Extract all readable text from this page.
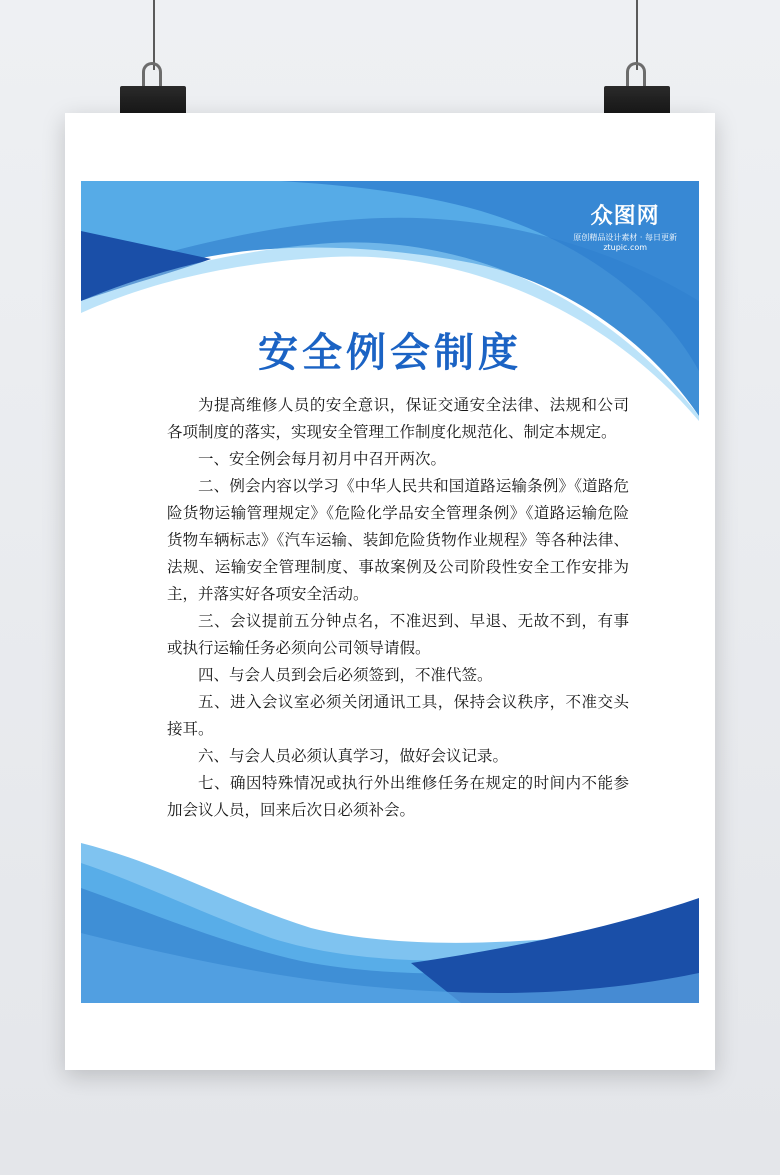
众图网
原创精品设计素材 · 每日更新
ztupic.com
安全例会制度

为提高维修人员的安全意识，保证交通安全法律、法规和公司各项制度的落实，实现安全管理工作制度化规范化、制定本规定。

一、安全例会每月初月中召开两次。

二、例会内容以学习《中华人民共和国道路运输条例》《道路危险货物运输管理规定》《危险化学品安全管理条例》《道路运输危险货物车辆标志》《汽车运输、装卸危险货物作业规程》等各种法律、法规、运输安全管理制度、事故案例及公司阶段性安全工作安排为主，并落实好各项安全活动。

三、会议提前五分钟点名，不准迟到、早退、无故不到，有事或执行运输任务必须向公司领导请假。

四、与会人员到会后必须签到，不准代签。

五、进入会议室必须关闭通讯工具，保持会议秩序，不准交头接耳。

六、与会人员必须认真学习，做好会议记录。

七、确因特殊情况或执行外出维修任务在规定的时间内不能参加会议人员，回来后次日必须补会。
